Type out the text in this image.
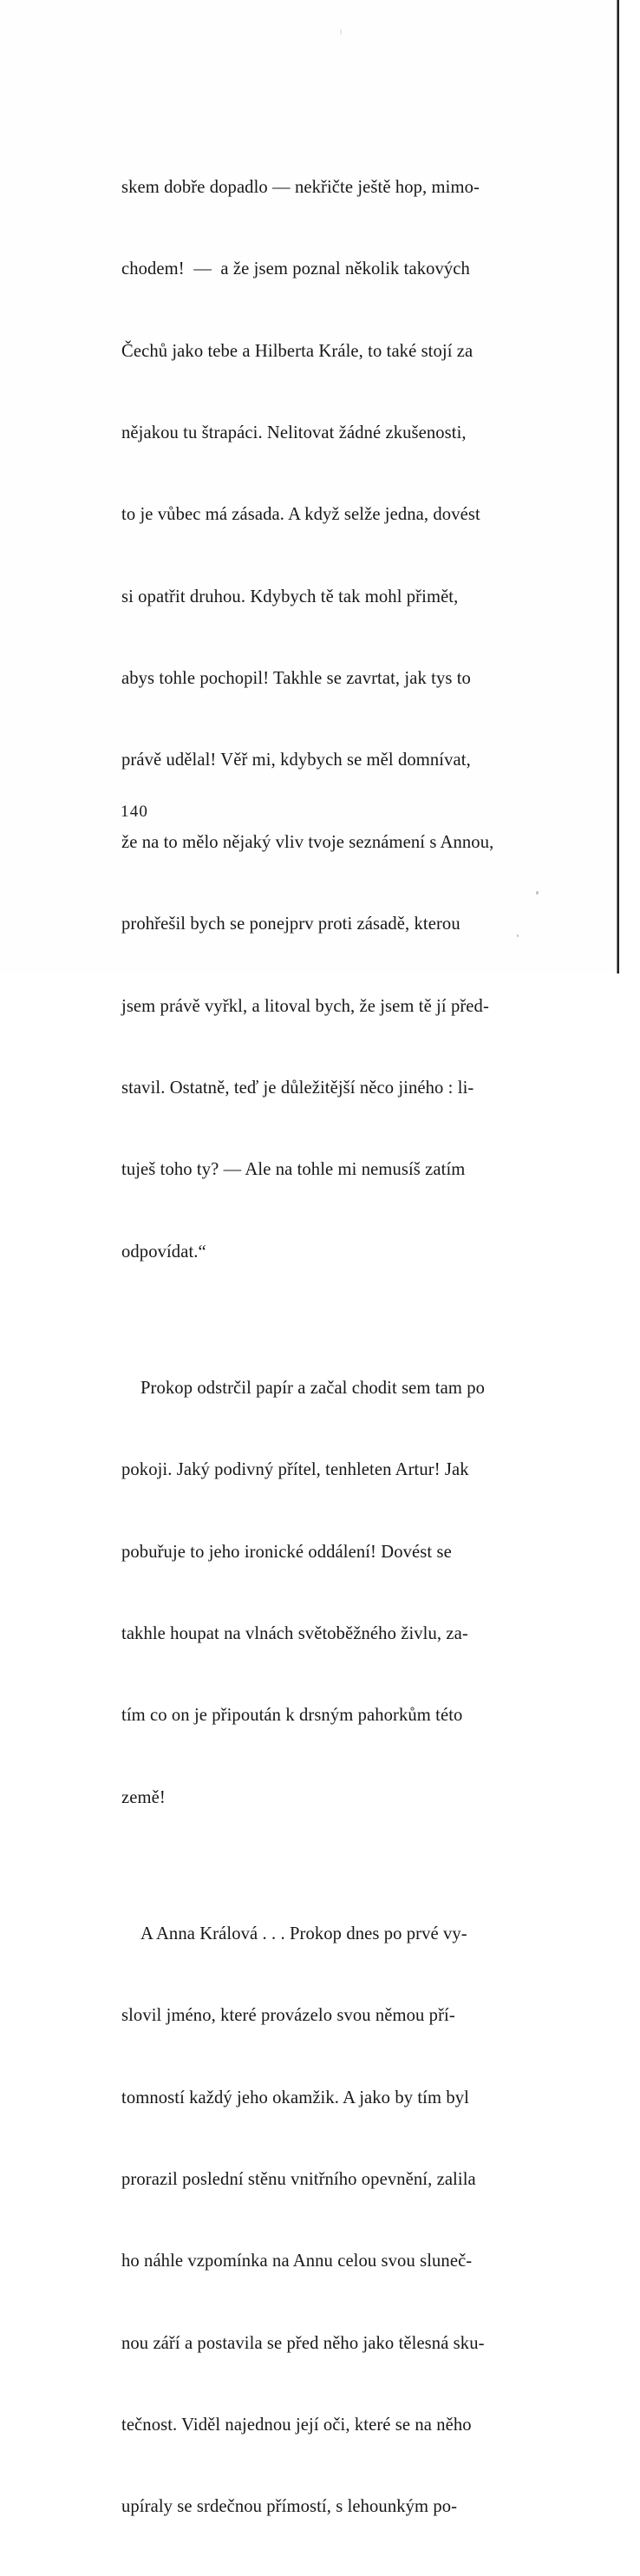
skem dobře dopadlo — nekřičte ještě hop, mimo-

chodem!  —  a že jsem poznal několik takových

Čechů jako tebe a Hilberta Krále, to také stojí za

nějakou tu štrapáci. Nelitovat žádné zkušenosti,

to je vůbec má zásada. A když selže jedna, dovést

si opatřit druhou. Kdybych tě tak mohl přimět,

abys tohle pochopil! Takhle se zavrtat, jak tys to

právě udělal! Věř mi, kdybych se měl domnívat,

že na to mělo nějaký vliv tvoje seznámení s Annou,

prohřešil bych se ponejprv proti zásadě, kterou

jsem právě vyřkl, a litoval bych, že jsem tě jí před-

stavil. Ostatně, teď je důležitější něco jiného : li-

tuješ toho ty? — Ale na tohle mi nemusíš zatím

odpovídat.“

Prokop odstrčil papír a začal chodit sem tam po

pokoji. Jaký podivný přítel, tenhleten Artur! Jak

pobuřuje to jeho ironické oddálení! Dovést se

takhle houpat na vlnách světoběžného živlu, za-

tím co on je připoután k drsným pahorkům této

země!

A Anna Králová . . . Prokop dnes po prvé vy-

slovil jméno, které provázelo svou němou pří-

tomností každý jeho okamžik. A jako by tím byl

prorazil poslední stěnu vnitřního opevnění, zalila

ho náhle vzpomínka na Annu celou svou sluneč-

nou září a postavila se před něho jako tělesná sku-

tečnost. Viděl najednou její oči, které se na něho

upíraly se srdečnou přímostí, s lehounkým po-

140
